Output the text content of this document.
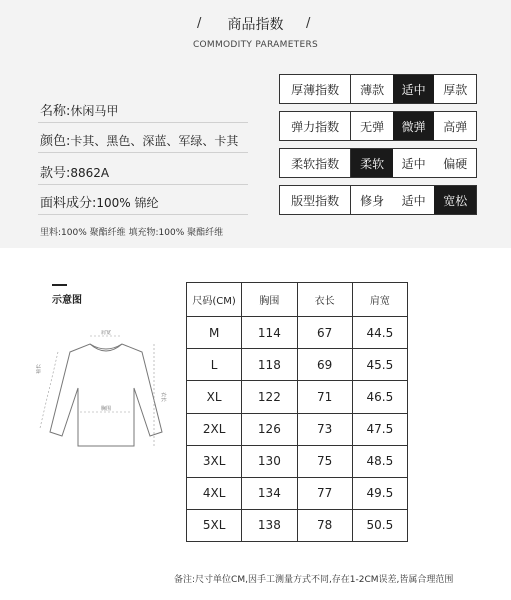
/	商品指数	/
COMMODITY PARAMETERS
名称:休闲马甲
颜色:卡其、黑色、深蓝、军绿、卡其
款号:8862A
面料成分:100% 锦纶
里料:100% 聚酯纤维 填充物:100% 聚酯纤维
厚薄指数	薄款	适中	厚款
弹力指数	无弹	微弹	高弹
柔软指数	柔软	适中	偏硬
版型指数	修身	适中	宽松
示意图
肩宽
衣长
袖长
胸围
尺码(CM)	胸围	衣长	肩宽
M	114	67	44.5
L	118	69	45.5
XL	122	71	46.5
2XL	126	73	47.5
3XL	130	75	48.5
4XL	134	77	49.5
5XL	138	78	50.5
备注:尺寸单位CM,因手工测量方式不同,存在1-2CM误差,皆属合理范围
